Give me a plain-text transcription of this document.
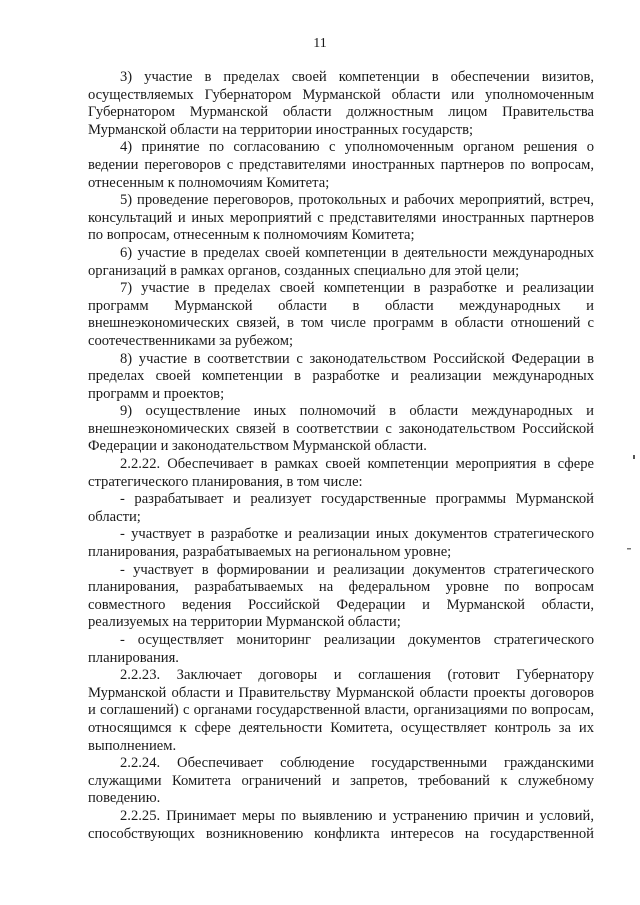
11

3) участие в пределах своей компетенции в обеспечении визитов, осуществляемых Губернатором Мурманской области или уполномоченным Губернатором Мурманской области должностным лицом Правительства Мурманской области на территории иностранных государств;

4) принятие по согласованию с уполномоченным органом решения о ведении переговоров с представителями иностранных партнеров по вопросам, отнесенным к полномочиям Комитета;

5) проведение переговоров, протокольных и рабочих мероприятий, встреч, консультаций и иных мероприятий с представителями иностранных партнеров по вопросам, отнесенным к полномочиям Комитета;

6) участие в пределах своей компетенции в деятельности международных организаций в рамках органов, созданных специально для этой цели;

7) участие в пределах своей компетенции в разработке и реализации программ Мурманской области в области международных и внешнеэкономических связей, в том числе программ в области отношений с соотечественниками за рубежом;

8) участие в соответствии с законодательством Российской Федерации в пределах своей компетенции в разработке и реализации международных программ и проектов;

9) осуществление иных полномочий в области международных и внешнеэкономических связей в соответствии с законодательством Российской Федерации и законодательством Мурманской области.

2.2.22. Обеспечивает в рамках своей компетенции мероприятия в сфере стратегического планирования, в том числе:

- разрабатывает и реализует государственные программы Мурманской области;

- участвует в разработке и реализации иных документов стратегического планирования, разрабатываемых на региональном уровне;

- участвует в формировании и реализации документов стратегического планирования, разрабатываемых на федеральном уровне по вопросам совместного ведения Российской Федерации и Мурманской области, реализуемых на территории Мурманской области;

- осуществляет мониторинг реализации документов стратегического планирования.

2.2.23. Заключает договоры и соглашения (готовит Губернатору Мурманской области и Правительству Мурманской области проекты договоров и соглашений) с органами государственной власти, организациями по вопросам, относящимся к сфере деятельности Комитета, осуществляет контроль за их выполнением.

2.2.24. Обеспечивает соблюдение государственными гражданскими служащими Комитета ограничений и запретов, требований к служебному поведению.

2.2.25. Принимает меры по выявлению и устранению причин и условий, способствующих возникновению конфликта интересов на государственной
